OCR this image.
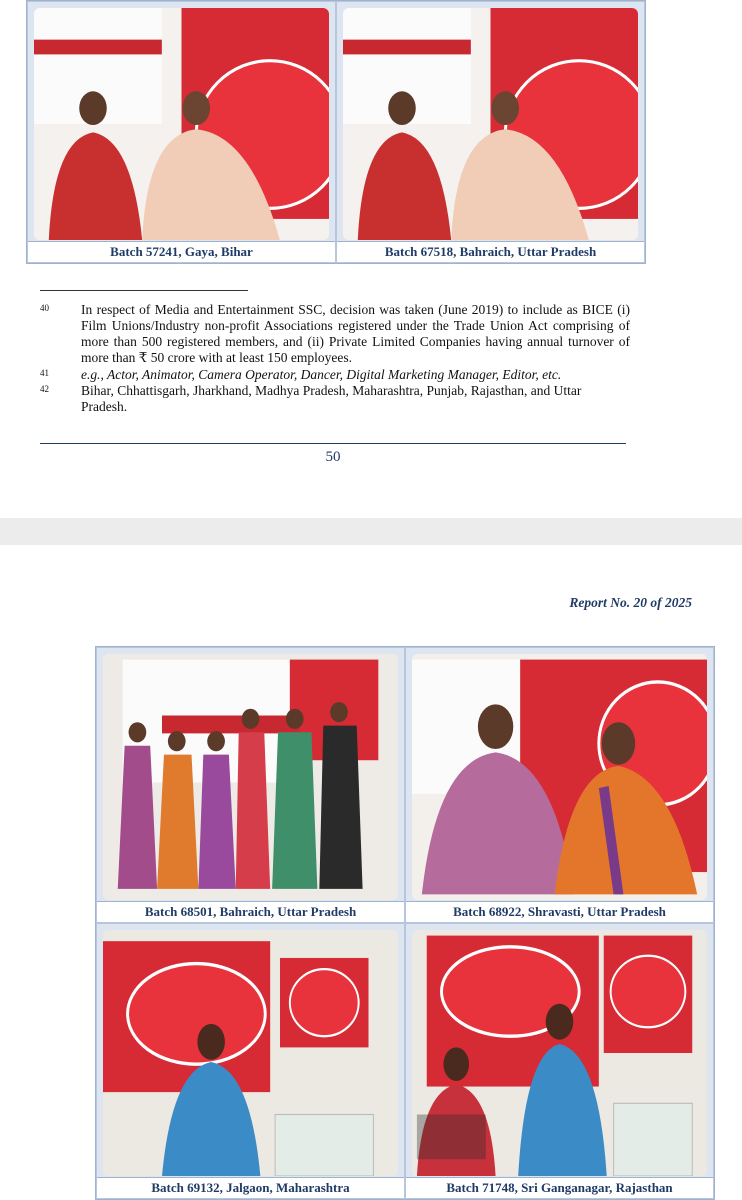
Batch 57241, Gaya, Bihar	Batch 67518, Bahraich, Uttar Pradesh
40 In respect of Media and Entertainment SSC, decision was taken (June 2019) to include as BICE (i) Film Unions/Industry non-profit Associations registered under the Trade Union Act comprising of more than 500 registered members, and (ii) Private Limited Companies having annual turnover of more than ₹ 50 crore with at least 150 employees.
41 e.g., Actor, Animator, Camera Operator, Dancer, Digital Marketing Manager, Editor, etc.
42 Bihar, Chhattisgarh, Jharkhand, Madhya Pradesh, Maharashtra, Punjab, Rajasthan, and Uttar Pradesh.
50
Report No. 20 of 2025
Batch 68501, Bahraich, Uttar Pradesh	Batch 68922, Shravasti, Uttar Pradesh
Batch 69132, Jalgaon, Maharashtra	Batch 71748, Sri Ganganagar, Rajasthan
